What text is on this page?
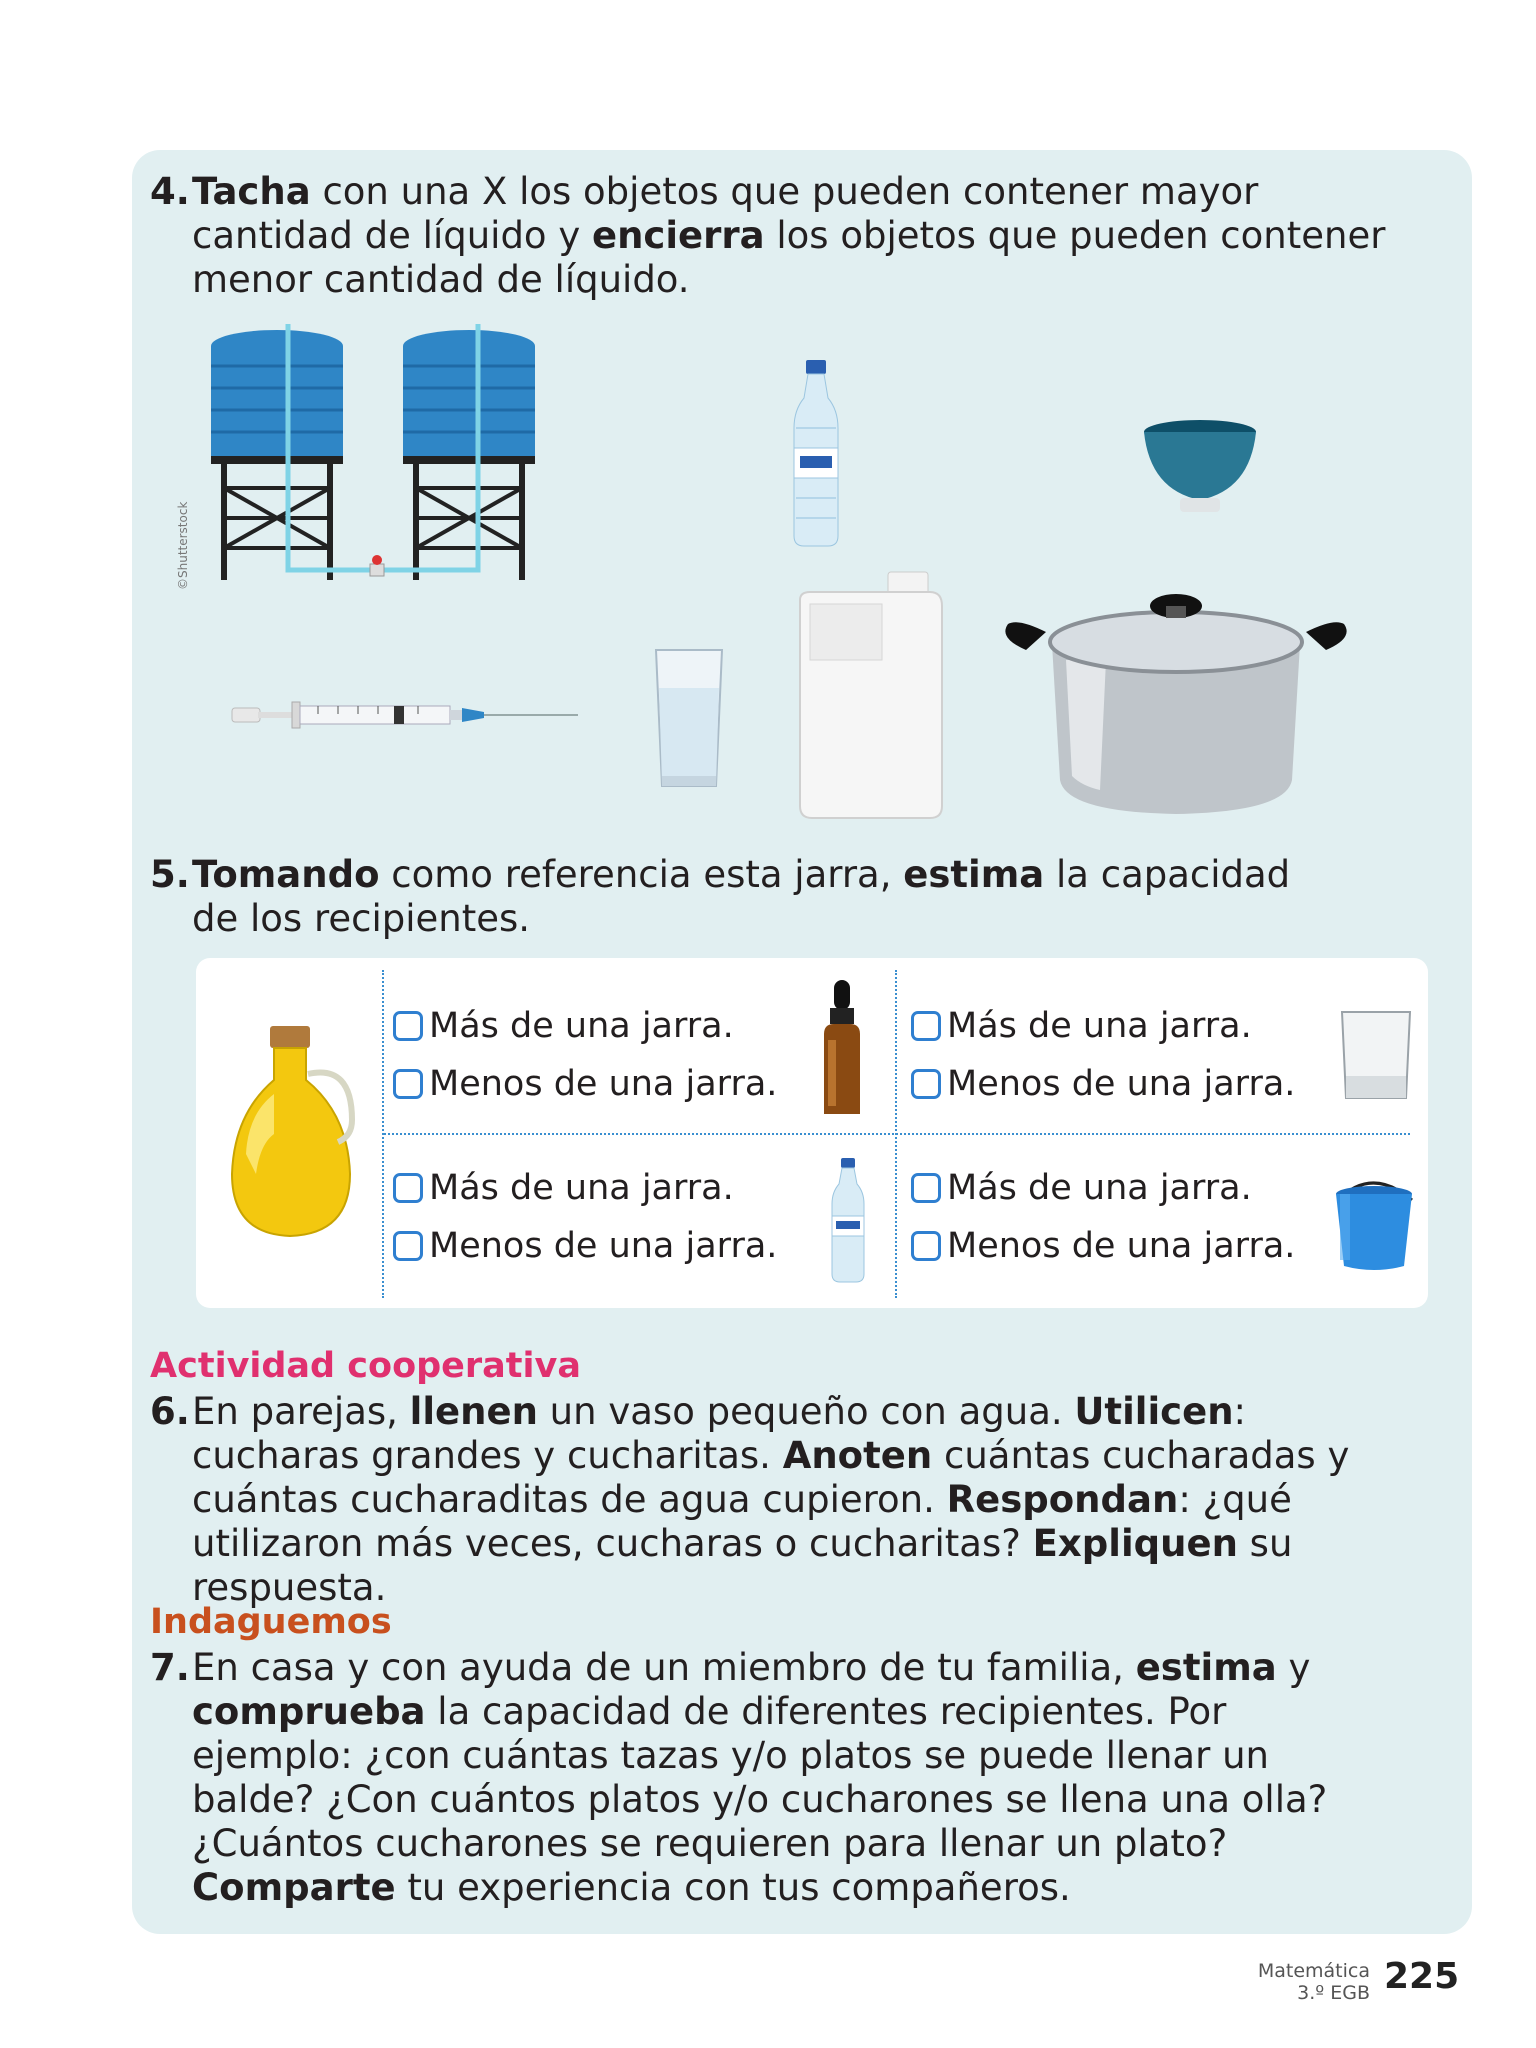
4. Tacha con una X los objetos que pueden contener mayor cantidad de líquido y encierra los objetos que pueden contener menor cantidad de líquido.
©Shutterstock
5. Tomando como referencia esta jarra, estima la capacidad de los recipientes.
Más de una jarra.
Menos de una jarra.
Más de una jarra.
Menos de una jarra.
Más de una jarra.
Menos de una jarra.
Más de una jarra.
Menos de una jarra.
Actividad cooperativa
6. En parejas, llenen un vaso pequeño con agua. Utilicen: cucharas grandes y cucharitas. Anoten cuántas cucharadas y cuántas cucharaditas de agua cupieron. Respondan: ¿qué utilizaron más veces, cucharas o cucharitas? Expliquen su respuesta.
Indaguemos
7. En casa y con ayuda de un miembro de tu familia, estima y comprueba la capacidad de diferentes recipientes. Por ejemplo: ¿con cuántas tazas y/o platos se puede llenar un balde? ¿Con cuántos platos y/o cucharones se llena una olla? ¿Cuántos cucharones se requieren para llenar un plato? Comparte tu experiencia con tus compañeros.
Matemática
3.º EGB 225
